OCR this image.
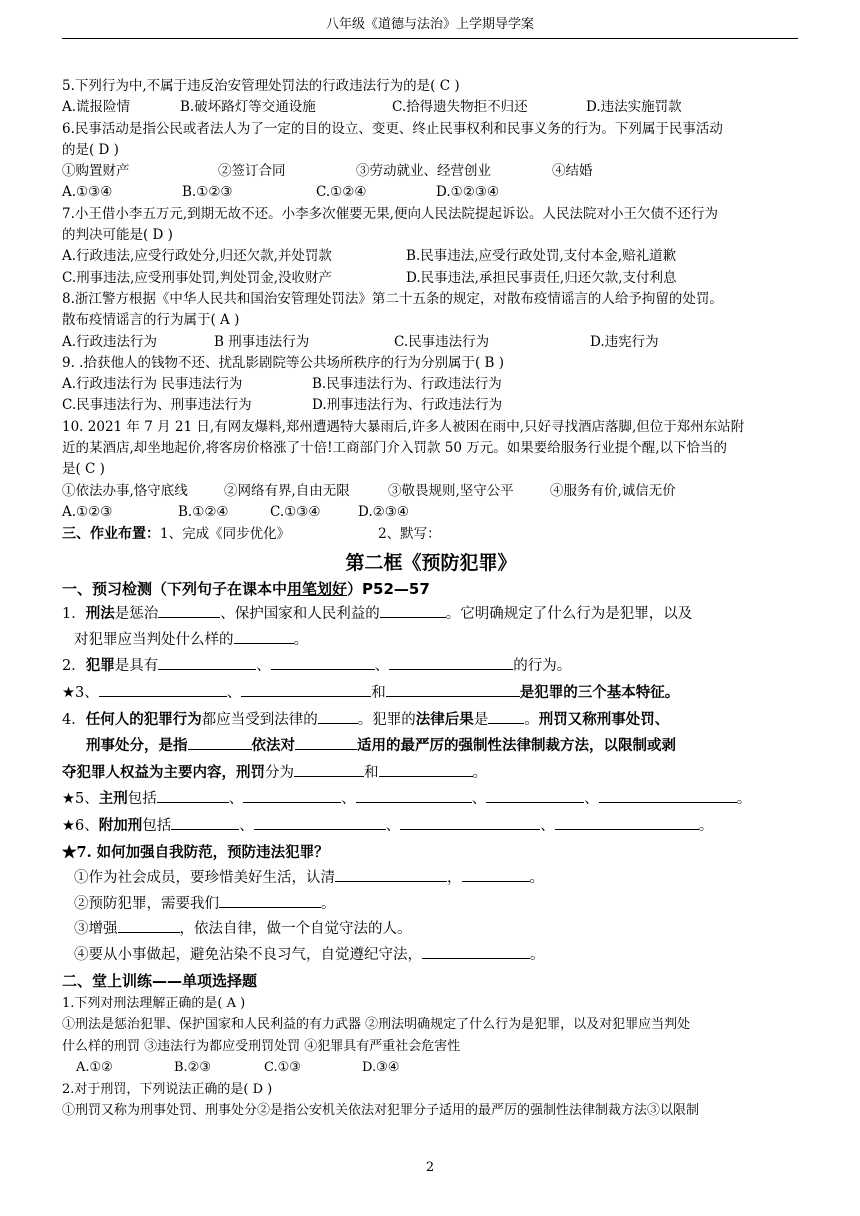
八年级《道德与法治》上学期导学案
5.下列行为中,不属于违反治安管理处罚法的行政违法行为的是( C )
A.谎报险情	B.破坏路灯等交通设施	C.拾得遗失物拒不归还	D.违法实施罚款
6.民事活动是指公民或者法人为了一定的目的设立、变更、终止民事权利和民事义务的行为。下列属于民事活动
的是( D )
①购置财产	②签订合同	③劳动就业、经营创业	④结婚
A.①③④	B.①②③	C.①②④	D.①②③④
7.小王借小李五万元,到期无故不还。小李多次催要无果,便向人民法院提起诉讼。人民法院对小王欠债不还行为
的判决可能是( D )
A.行政违法,应受行政处分,归还欠款,并处罚款	B.民事违法,应受行政处罚,支付本金,赔礼道歉
C.刑事违法,应受刑事处罚,判处罚金,没收财产	D.民事违法,承担民事责任,归还欠款,支付利息
8.浙江警方根据《中华人民共和国治安管理处罚法》第二十五条的规定，对散布疫情谣言的人给予拘留的处罚。
散布疫情谣言的行为属于( A )
A.行政违法行为	B 刑事违法行为	C.民事违法行为	D.违宪行为
9. .拾获他人的钱物不还、扰乱影剧院等公共场所秩序的行为分别属于( B )
A.行政违法行为 民事违法行为	B.民事违法行为、行政违法行为
C.民事违法行为、刑事违法行为	D.刑事违法行为、行政违法行为
10. 2021 年 7 月 21 日,有网友爆料,郑州遭遇特大暴雨后,许多人被困在雨中,只好寻找酒店落脚,但位于郑州东站附
近的某酒店,却坐地起价,将客房价格涨了十倍!工商部门介入罚款 50 万元。如果要给服务行业提个醒,以下恰当的
是( C )
①依法办事,恪守底线	②网络有界,自由无限	③敬畏规则,坚守公平	④服务有价,诚信无价
A.①②③	B.①②④	C.①③④	D.②③④
三、作业布置：1、完成《同步优化》	2、默写：
第二框《预防犯罪》
一、预习检测（下列句子在课本中用笔划好）P52—57
1．刑法是惩治	、保护国家和人民利益的	。它明确规定了什么行为是犯罪，以及
对犯罪应当判处什么样的	。
2．犯罪是具有	、	、	的行为。
★3、	、	和	是犯罪的三个基本特征。
4．任何人的犯罪行为都应当受到法律的	。犯罪的法律后果是 。刑罚又称刑事处罚、
刑事处分，是指	依法对	适用的最严厉的强制性法律制裁方法，以限制或剥
夺犯罪人权益为主要内容，刑罚分为	和	。
★5、主刑包括	、	、	、	、	。
★6、附加刑包括	、	、	、	。
★7. 如何加强自我防范，预防违法犯罪？
①作为社会成员，要珍惜美好生活，认清	，	。
②预防犯罪，需要我们	。
③增强	，依法自律，做一个自觉守法的人。
④要从小事做起，避免沾染不良习气，自觉遵纪守法，	。
二、堂上训练——单项选择题
1.下列对刑法理解正确的是( A )
①刑法是惩治犯罪、保护国家和人民利益的有力武器 ②刑法明确规定了什么行为是犯罪，以及对犯罪应当判处
什么样的刑罚 ③违法行为都应受刑罚处罚 ④犯罪具有严重社会危害性
A.①②	B.②③	C.①③	D.③④
2.对于刑罚，下列说法正确的是( D )
①刑罚又称为刑事处罚、刑事处分②是指公安机关依法对犯罪分子适用的最严厉的强制性法律制裁方法③以限制
2
